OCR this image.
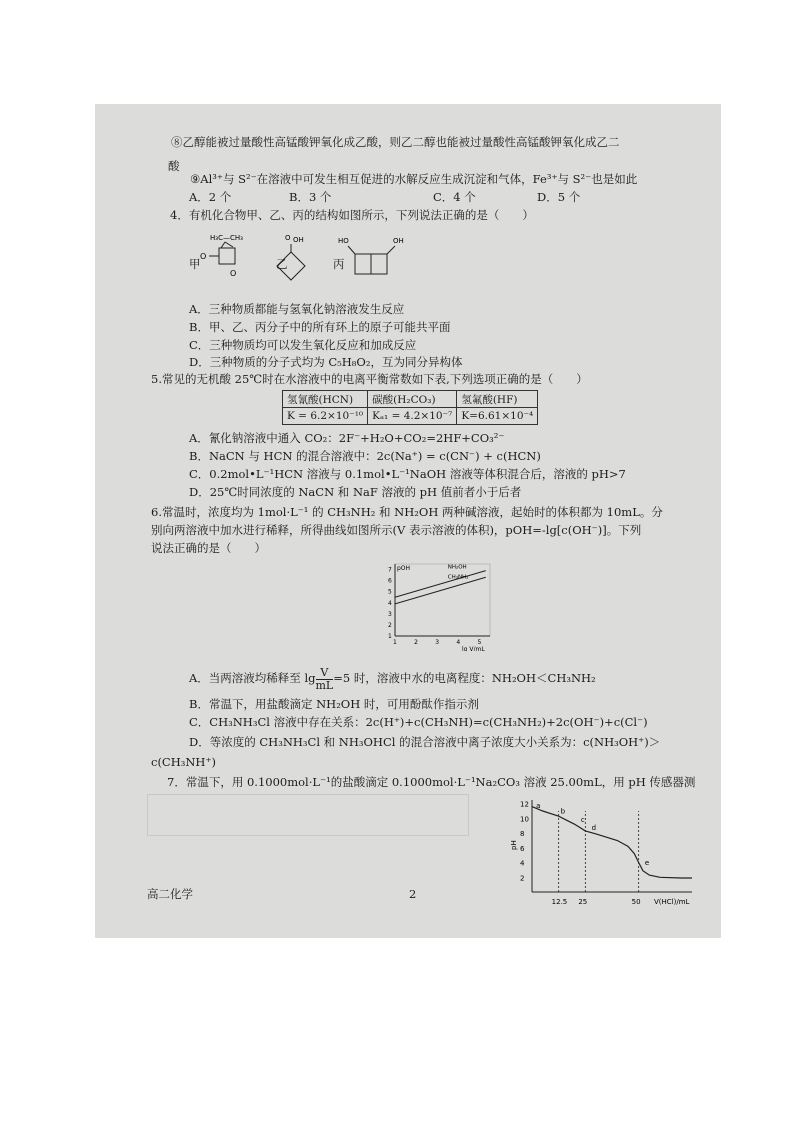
⑧乙醇能被过量酸性高锰酸钾氧化成乙酸，则乙二醇也能被过量酸性高锰酸钾氧化成乙二
酸
⑨Al³⁺与 S²⁻在溶液中可发生相互促进的水解反应生成沉淀和气体，Fe³⁺与 S²⁻也是如此
A．2 个	B．3 个	C．4 个	D．5 个
4．有机化合物甲、乙、丙的结构如图所示，下列说法正确的是（　　）
甲	乙	丙
H₃C—CH₃
O
O
OH
O	HO	OH
A．三种物质都能与氢氧化钠溶液发生反应
B．甲、乙、丙分子中的所有环上的原子可能共平面
C．三种物质均可以发生氧化反应和加成反应
D．三种物质的分子式均为 C₅H₈O₂，互为同分异构体
5.常见的无机酸 25℃时在水溶液中的电离平衡常数如下表,下列选项正确的是（　　）
氢氰酸(HCN)	碳酸(H₂CO₃)	氢氟酸(HF)
K = 6.2×10⁻¹⁰	Kₐ₁ = 4.2×10⁻⁷	K=6.61×10⁻⁴
A．氰化钠溶液中通入 CO₂：2F⁻+H₂O+CO₂=2HF+CO₃²⁻
B．NaCN 与 HCN 的混合溶液中：2c(Na⁺) = c(CN⁻) + c(HCN)
C．0.2mol•L⁻¹HCN 溶液与 0.1mol•L⁻¹NaOH 溶液等体积混合后，溶液的 pH>7
D．25℃时同浓度的 NaCN 和 NaF 溶液的 pH 值前者小于后者
6.常温时，浓度均为 1mol·L⁻¹ 的 CH₃NH₂ 和 NH₂OH 两种碱溶液，起始时的体积都为 10mL。分
别向两溶液中加水进行稀释，所得曲线如图所示(V 表示溶液的体积)，pOH=-lg[c(OH⁻)]。下列
说法正确的是（　　）
pOH
lg V/mL
1
2
3
4
5
6
7
1	2	3	4	5
NH₂OH
CH₃NH₂
A．当两溶液均稀释至 $\lg \frac{V}{mL} =5$ 时，溶液中水的电离程度：NH₂OH＜CH₃NH₂
B．常温下，用盐酸滴定 NH₂OH 时，可用酚酞作指示剂
C．CH₃NH₃Cl 溶液中存在关系：2c(H⁺)+c(CH₃NH)=c(CH₃NH₂)+2c(OH⁻)+c(Cl⁻)
D．等浓度的 CH₃NH₃Cl 和 NH₃OHCl 的混合溶液中离子浓度大小关系为：c(NH₃OH⁺)＞
c(CH₃NH⁺)
7．常温下，用 0.1000mol·L⁻¹的盐酸滴定 0.1000mol·L⁻¹Na₂CO₃ 溶液 25.00mL，用 pH 传感器测
pH
V(HCl)/mL
2
4
6
8
10
12
12.5 25	50
a
b
c
d
e
高二化学	2
